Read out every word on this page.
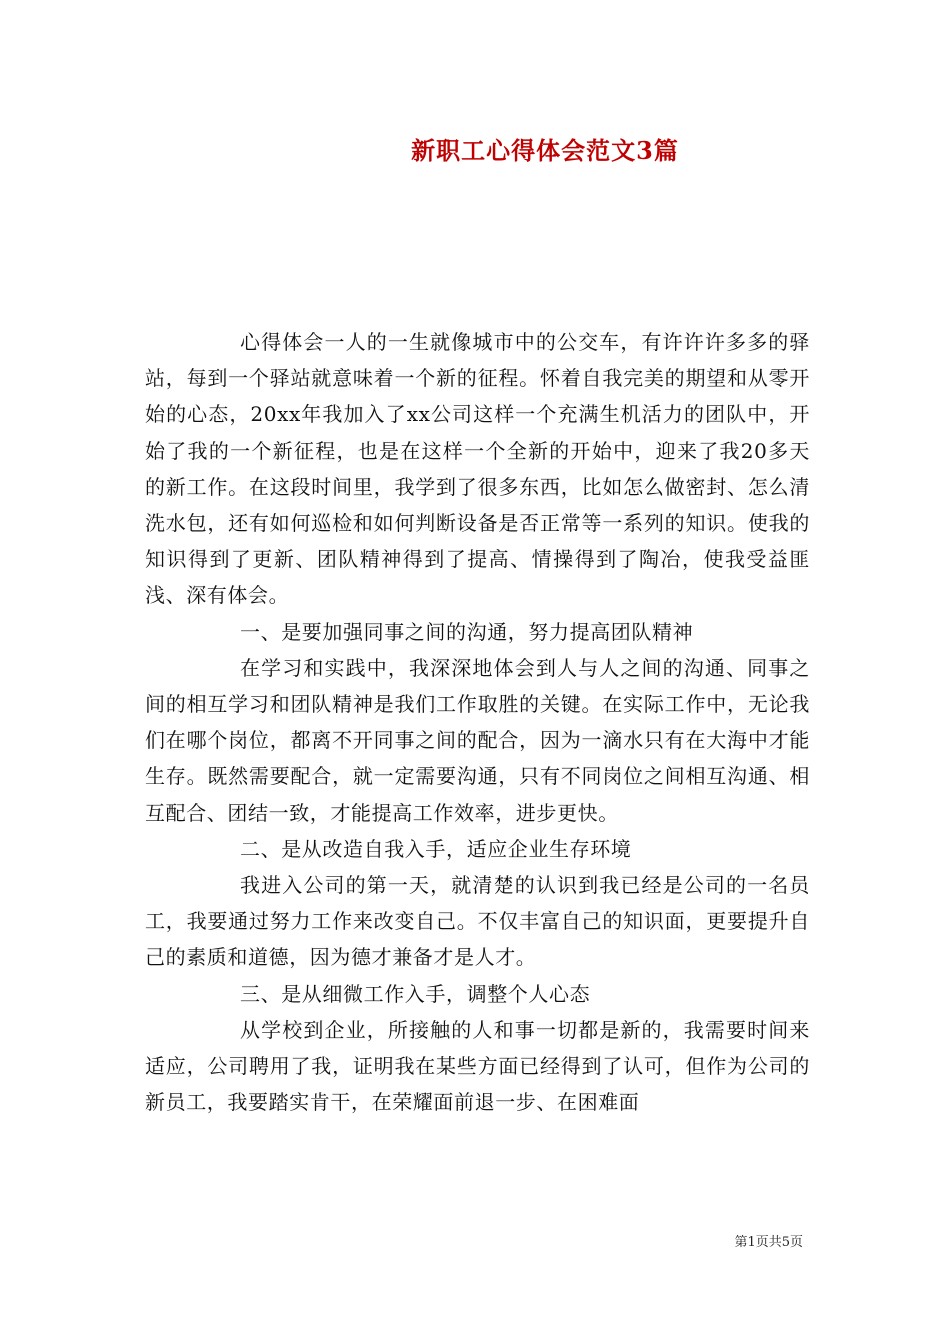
新职工心得体会范文3篇

心得体会一人的一生就像城市中的公交车，有许许许多多的驿站，每到一个驿站就意味着一个新的征程。怀着自我完美的期望和从零开始的心态，20xx年我加入了xx公司这样一个充满生机活力的团队中，开始了我的一个新征程，也是在这样一个全新的开始中，迎来了我20多天的新工作。在这段时间里，我学到了很多东西，比如怎么做密封、怎么清洗水包，还有如何巡检和如何判断设备是否正常等一系列的知识。使我的知识得到了更新、团队精神得到了提高、情操得到了陶冶，使我受益匪浅、深有体会。

一、是要加强同事之间的沟通，努力提高团队精神

在学习和实践中，我深深地体会到人与人之间的沟通、同事之间的相互学习和团队精神是我们工作取胜的关键。在实际工作中，无论我们在哪个岗位，都离不开同事之间的配合，因为一滴水只有在大海中才能生存。既然需要配合，就一定需要沟通，只有不同岗位之间相互沟通、相互配合、团结一致，才能提高工作效率，进步更快。

二、是从改造自我入手，适应企业生存环境

我进入公司的第一天，就清楚的认识到我已经是公司的一名员工，我要通过努力工作来改变自己。不仅丰富自己的知识面，更要提升自己的素质和道德，因为德才兼备才是人才。

三、是从细微工作入手，调整个人心态

从学校到企业，所接触的人和事一切都是新的，我需要时间来适应，公司聘用了我，证明我在某些方面已经得到了认可，但作为公司的新员工，我要踏实肯干，在荣耀面前退一步、在困难面

第1页共5页
